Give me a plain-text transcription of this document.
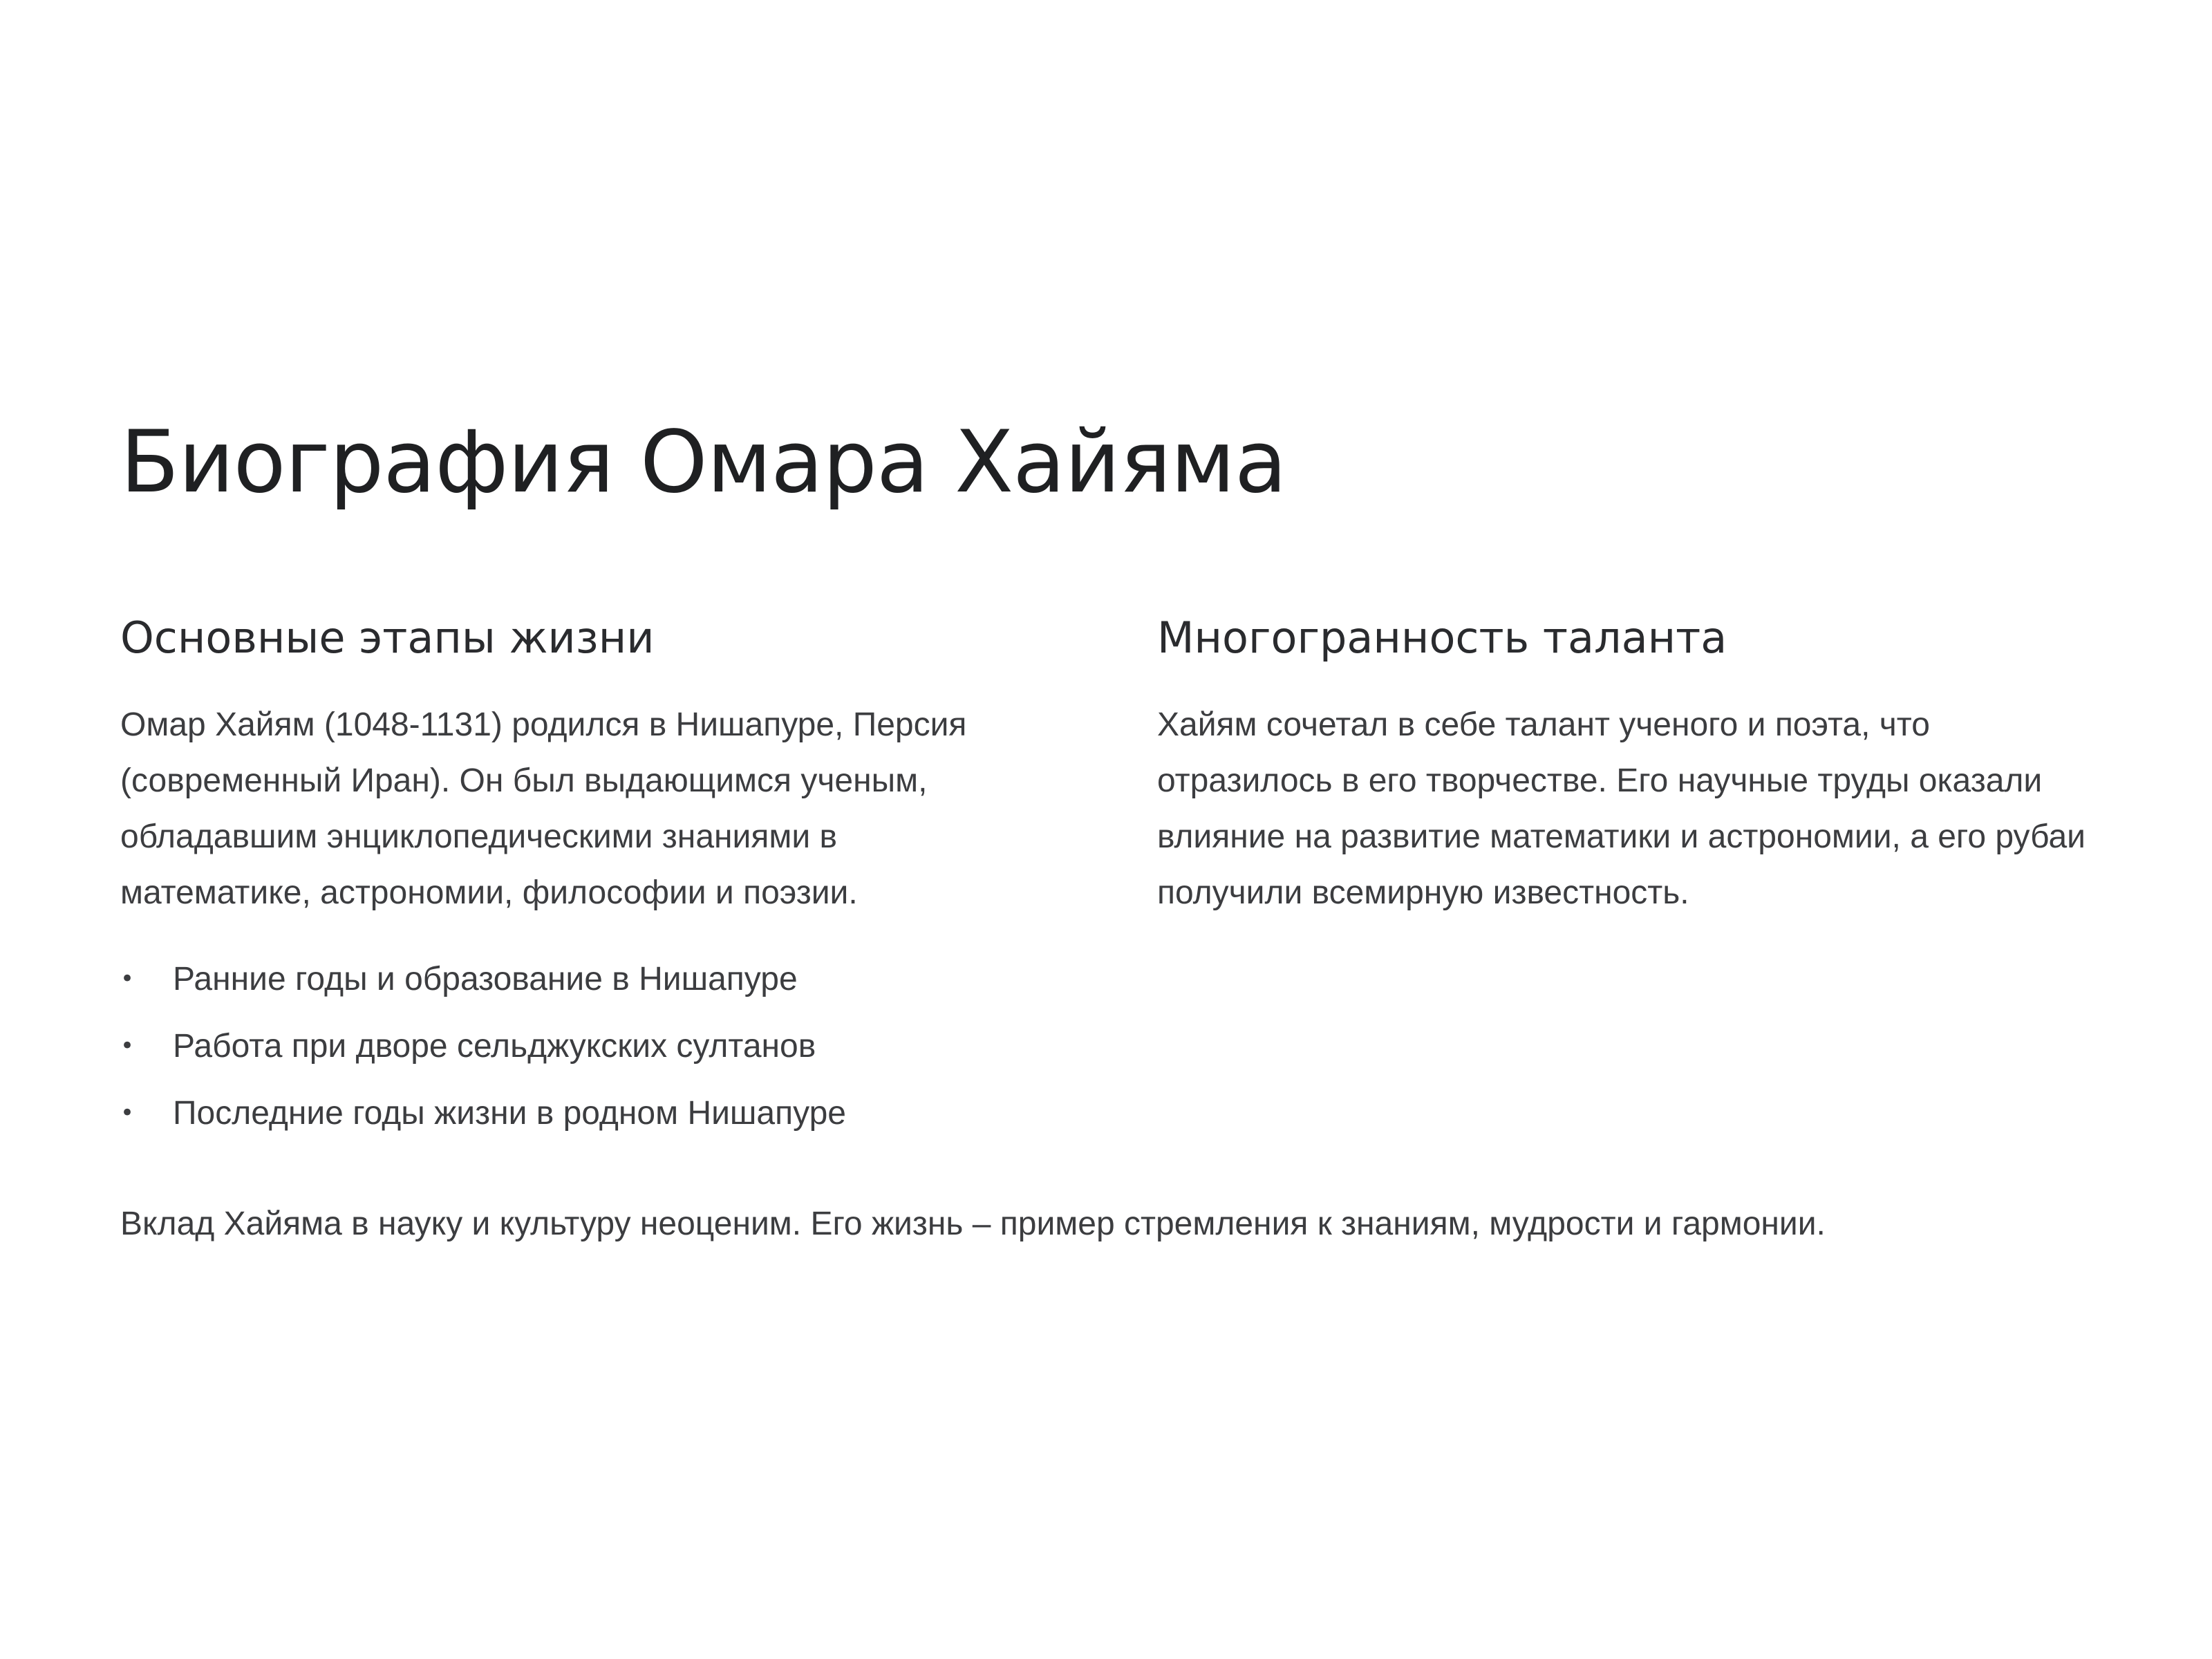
Биография Омара Хайяма
Основные этапы жизни

Омар Хайям (1048-1131) родился в Нишапуре, Персия (современный Иран). Он был выдающимся ученым, обладавшим энциклопедическими знаниями в математике, астрономии, философии и поэзии.

• Ранние годы и образование в Нишапуре
• Работа при дворе сельджукских султанов
• Последние годы жизни в родном Нишапуре
Многогранность таланта

Хайям сочетал в себе талант ученого и поэта, что отразилось в его творчестве. Его научные труды оказали влияние на развитие математики и астрономии, а его рубаи получили всемирную известность.

Вклад Хайяма в науку и культуру неоценим. Его жизнь – пример стремления к знаниям, мудрости и гармонии.
